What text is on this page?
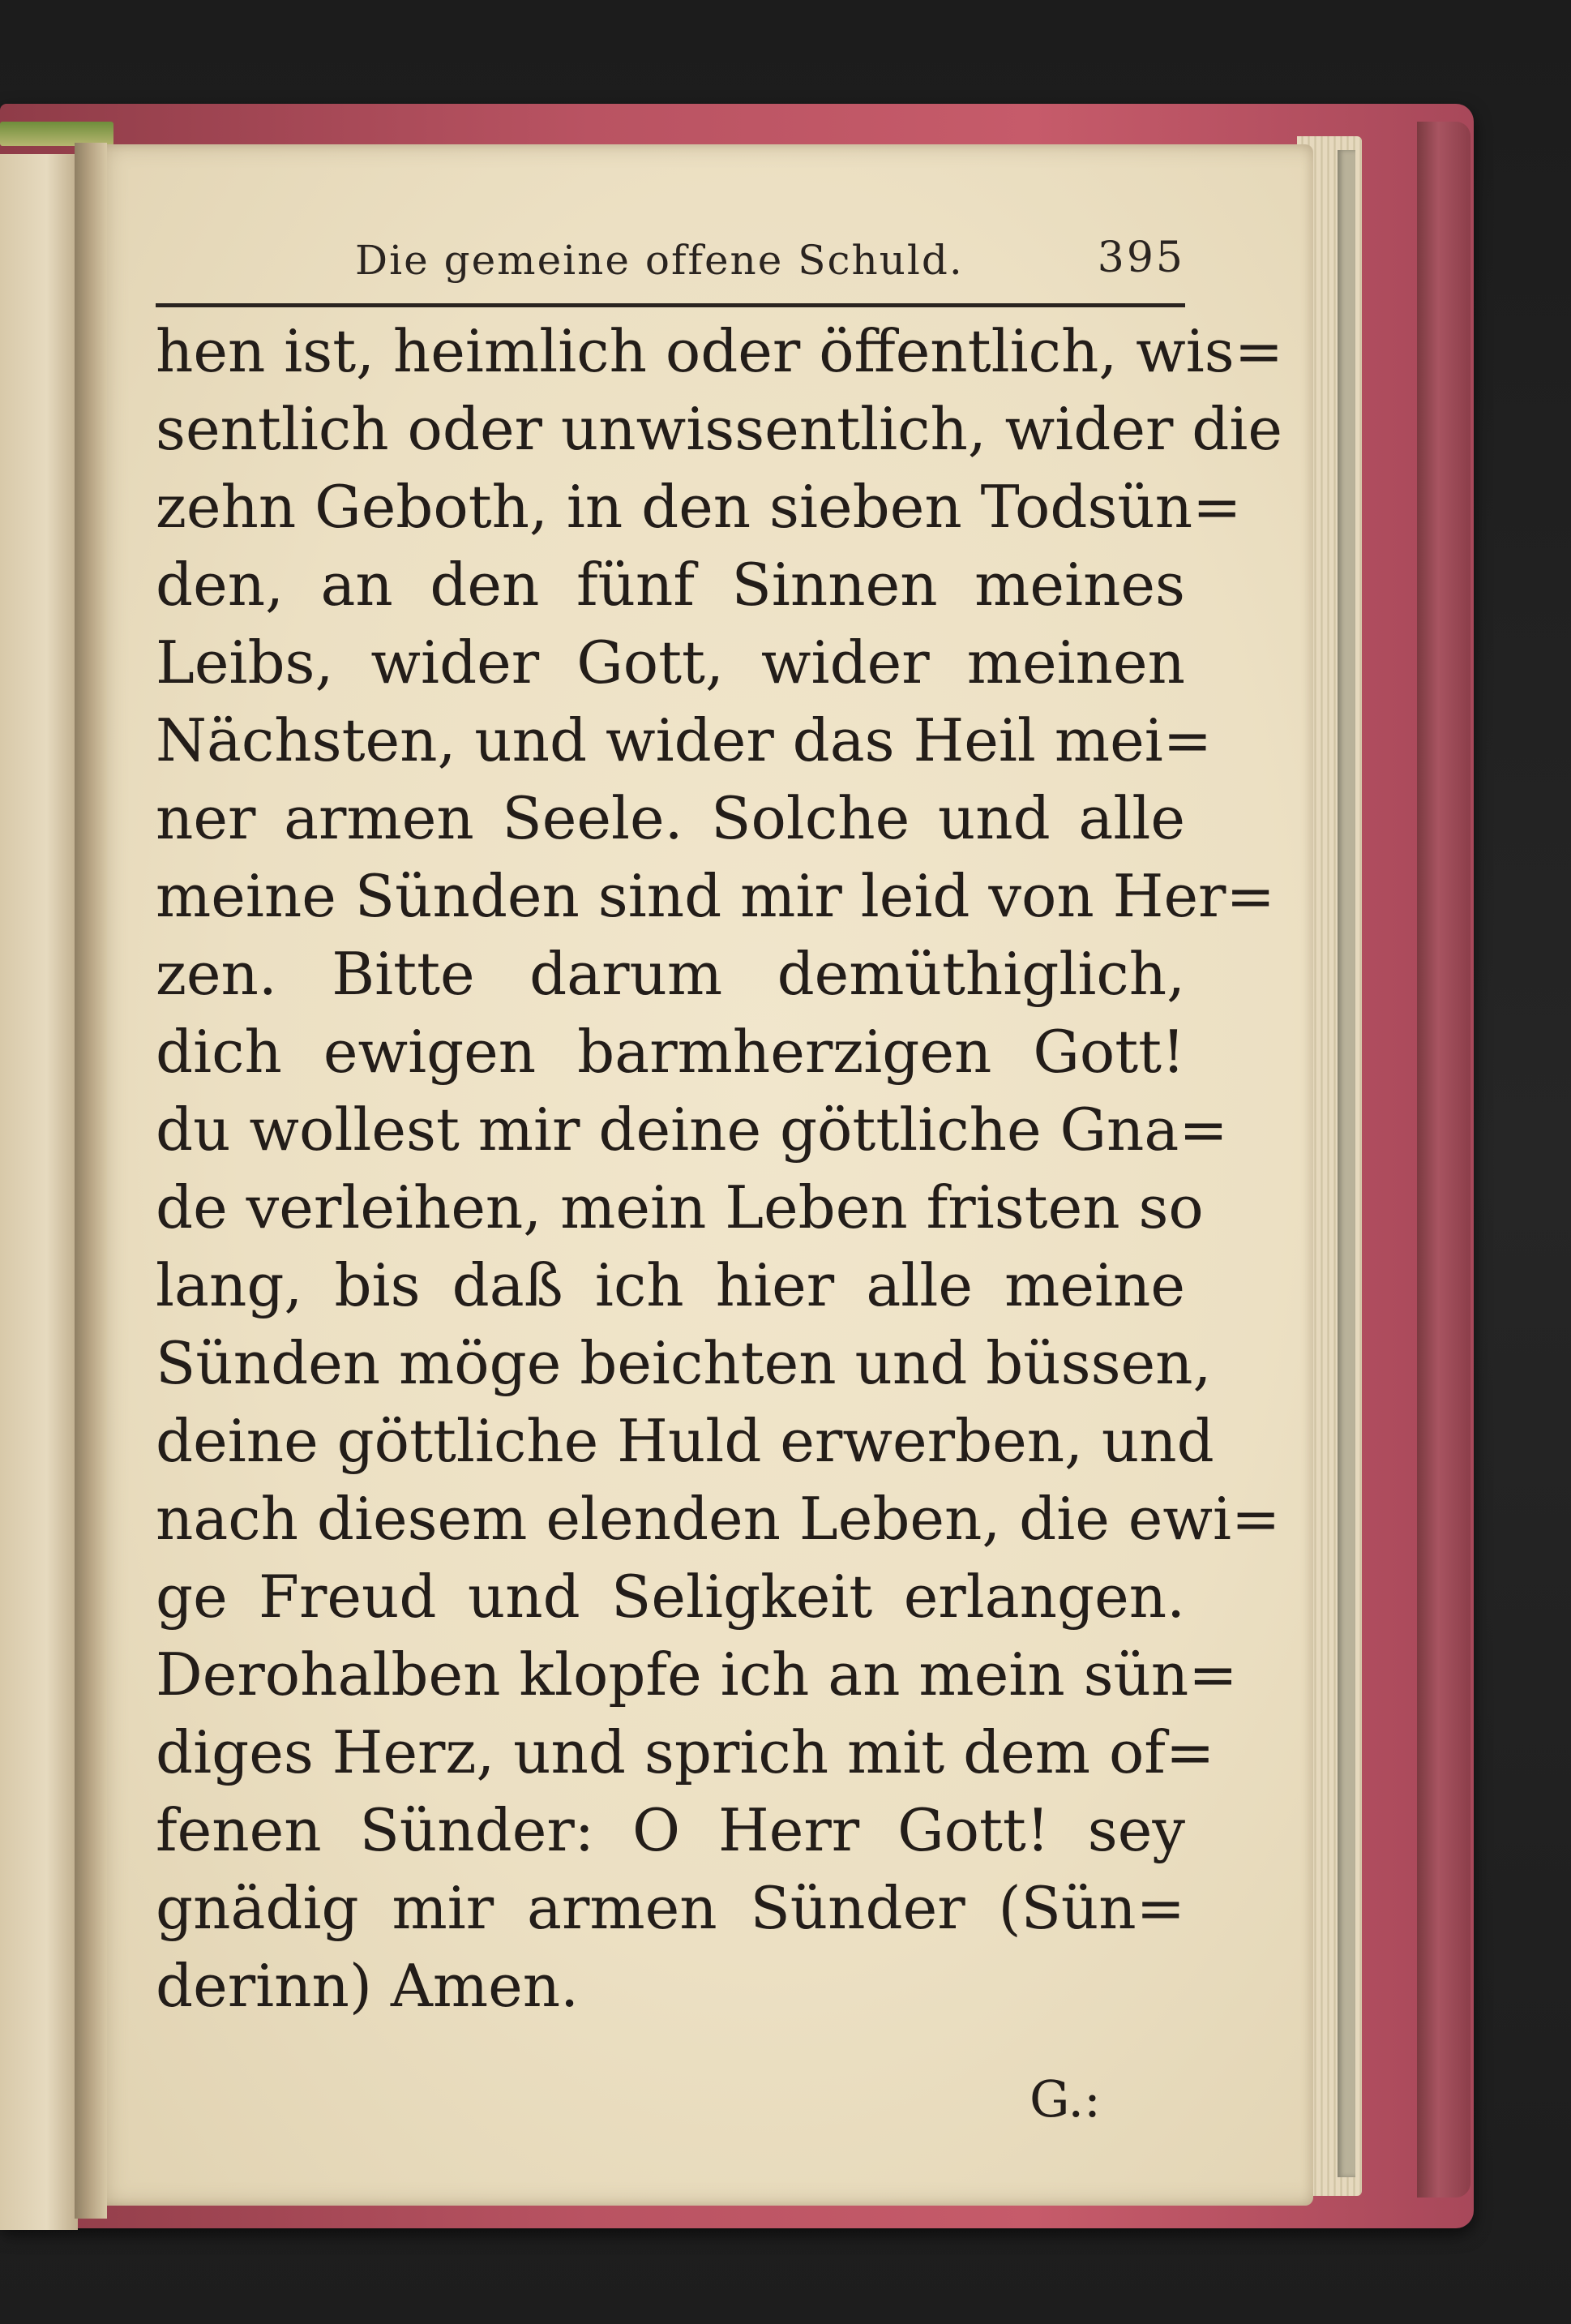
Die gemeine offene Schuld.	395
hen ist, heimlich oder öffentlich, wis=
sentlich oder unwissentlich, wider die
zehn Geboth, in den sieben Todsün=
den, an den fünf Sinnen meines
Leibs, wider Gott, wider meinen
Nächsten, und wider das Heil mei=
ner armen Seele. Solche und alle
meine Sünden sind mir leid von Her=
zen. Bitte darum demüthiglich,
dich ewigen barmherzigen Gott!
du wollest mir deine göttliche Gna=
de verleihen, mein Leben fristen so
lang, bis daß ich hier alle meine
Sünden möge beichten und büssen,
deine göttliche Huld erwerben, und
nach diesem elenden Leben, die ewi=
ge Freud und Seligkeit erlangen.
Derohalben klopfe ich an mein sün=
diges Herz, und sprich mit dem of=
fenen Sünder: O Herr Gott! sey
gnädig mir armen Sünder (Sün=
derinn) Amen.
G.:
